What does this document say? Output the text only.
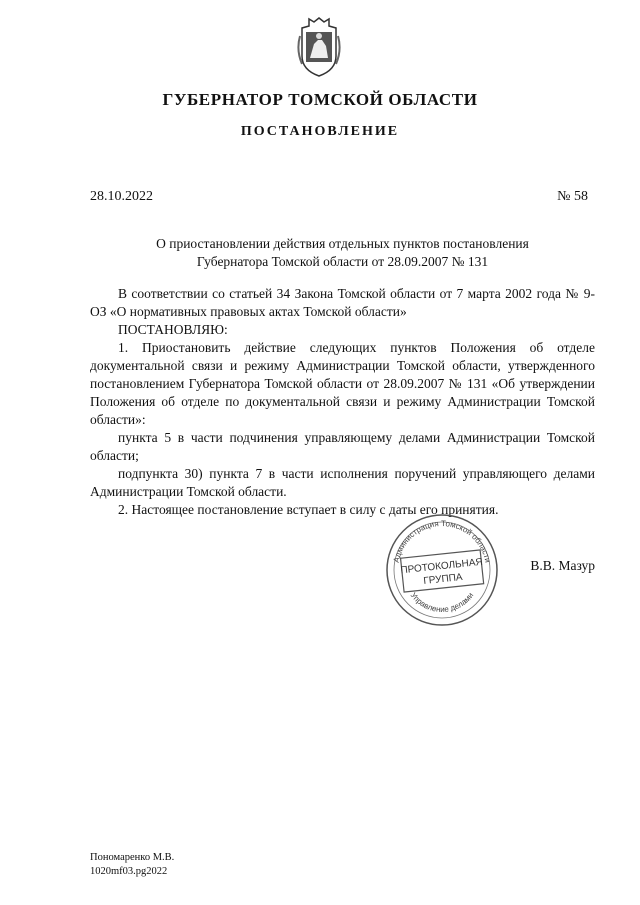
ГУБЕРНАТОР ТОМСКОЙ ОБЛАСТИ
ПОСТАНОВЛЕНИЕ
28.10.2022	№ 58
О приостановлении действия отдельных пунктов постановления
Губернатора Томской области от 28.09.2007 № 131

В соответствии со статьей 34 Закона Томской области от 7 марта 2002 года № 9-ОЗ «О нормативных правовых актах Томской области»

ПОСТАНОВЛЯЮ:

1. Приостановить действие следующих пунктов Положения об отделе документальной связи и режиму Администрации Томской области, утвержденного постановлением Губернатора Томской области от 28.09.2007 № 131 «Об утверждении Положения об отделе по документальной связи и режиму Администрации Томской области»:

пункта 5 в части подчинения управляющему делами Администрации Томской области;

подпункта 30) пункта 7 в части исполнения поручений управляющего делами Администрации Томской области.

2. Настоящее постановление вступает в силу с даты его принятия.

Администрация Томской области
Управление делами
ПРОТОКОЛЬНАЯ
ГРУППА
В.В. Мазур
Пономаренко М.В.
1020mf03.pg2022
